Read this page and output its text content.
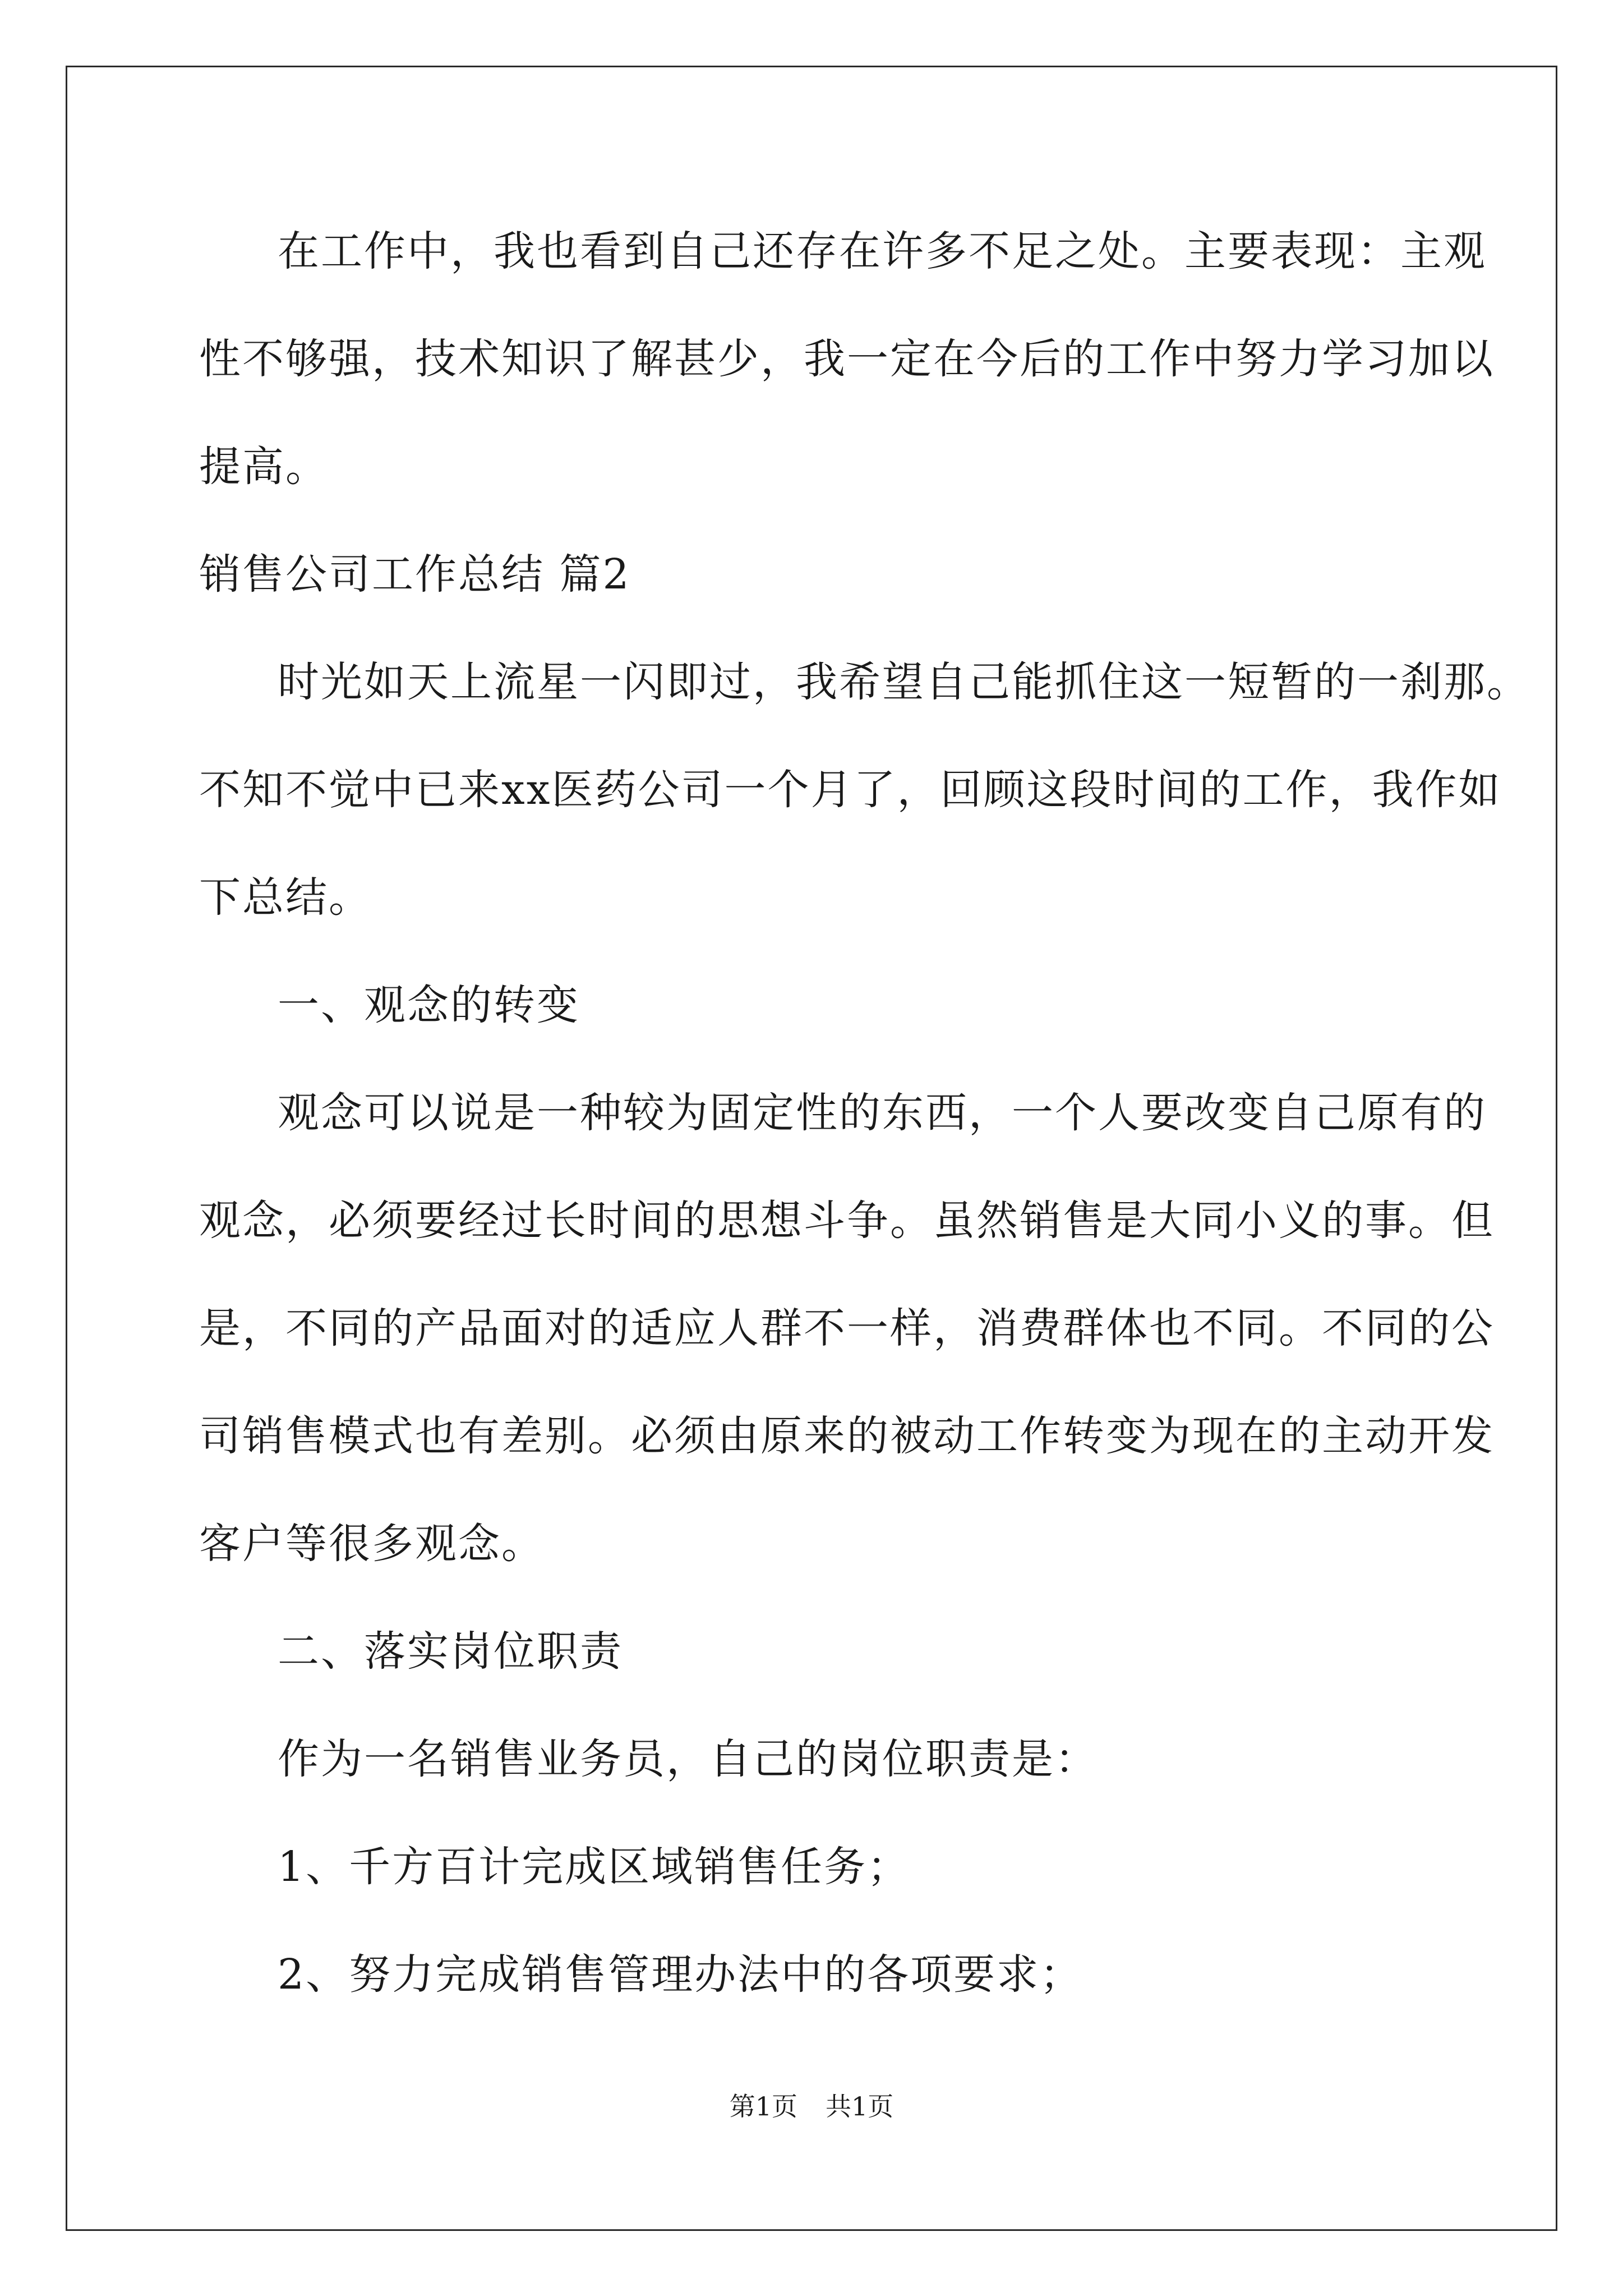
在工作中，我也看到自己还存在许多不足之处。主要表现：主观
性不够强，技术知识了解甚少，我一定在今后的工作中努力学习加以
提高。
销售公司工作总结 篇2
时光如天上流星一闪即过，我希望自己能抓住这一短暂的一刹那。
不知不觉中已来xx医药公司一个月了，回顾这段时间的工作，我作如
下总结。
一、观念的转变
观念可以说是一种较为固定性的东西，一个人要改变自己原有的
观念，必须要经过长时间的思想斗争。虽然销售是大同小义的事。但
是，不同的产品面对的适应人群不一样，消费群体也不同。不同的公
司销售模式也有差别。必须由原来的被动工作转变为现在的主动开发
客户等很多观念。
二、落实岗位职责
作为一名销售业务员，自己的岗位职责是：
1、千方百计完成区域销售任务；
2、努力完成销售管理办法中的各项要求；
第1页 共1页
